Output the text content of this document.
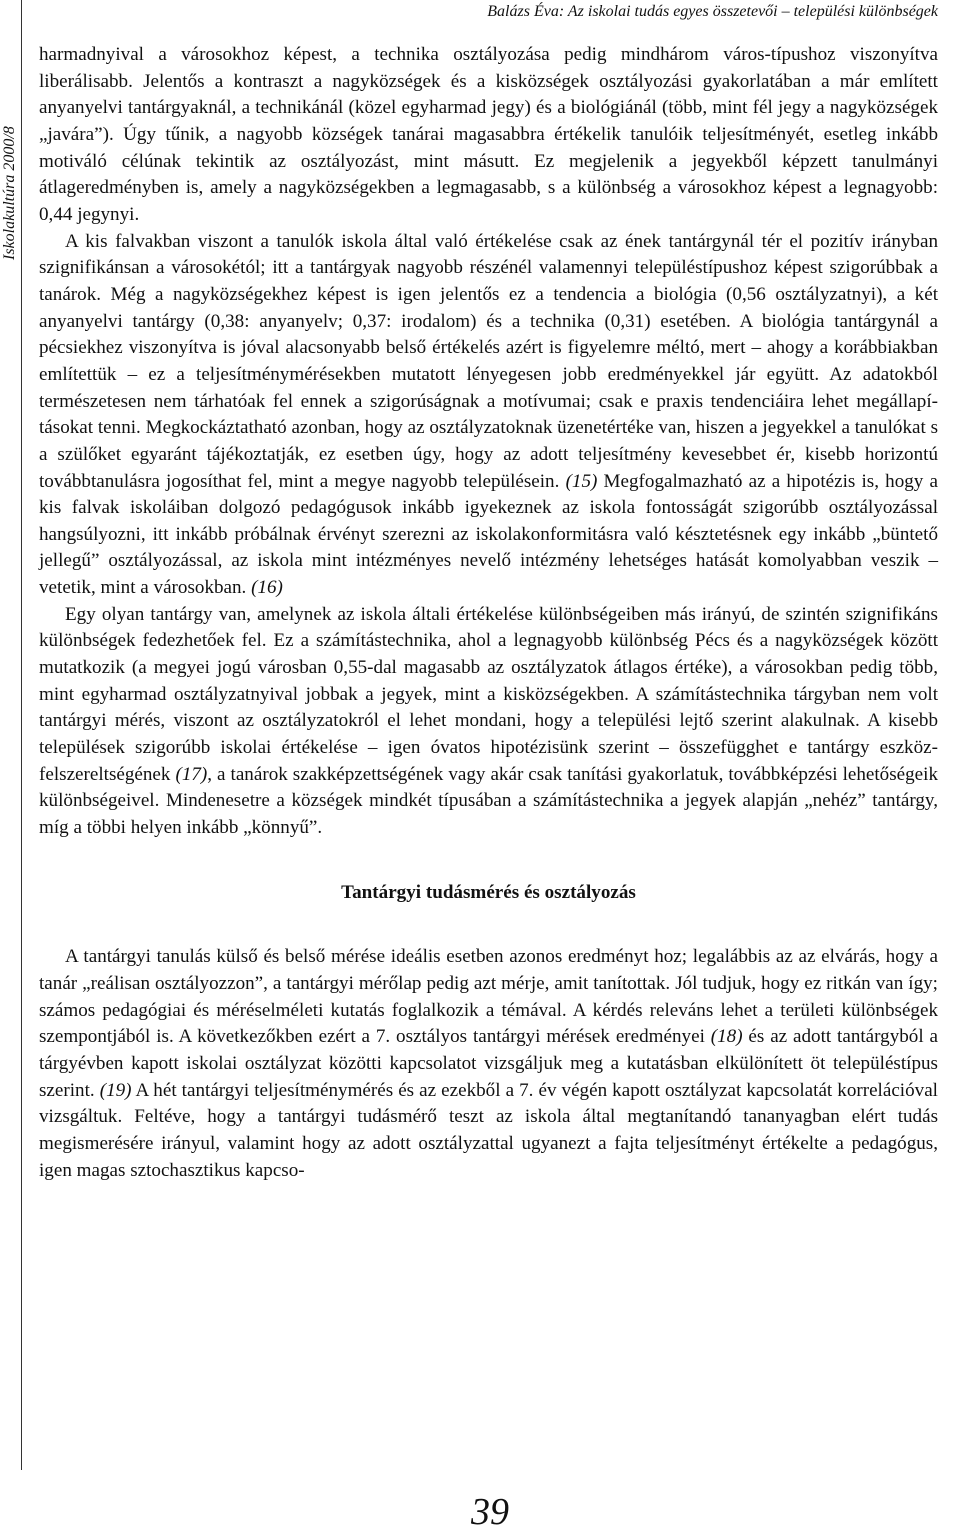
Iskolakultúra 2000/8
Balázs Éva: Az iskolai tudás egyes összetevői – települési különbségek

harmadnyival a városokhoz képest, a technika osztályozása pedig mindhárom város-típushoz viszonyítva liberálisabb. Jelentős a kontraszt a nagyközségek és a kisközségek osztályozási gyakorlatában a már említett anyanyelvi tantárgyaknál, a technikánál (közel egyharmad jegy) és a biológiánál (több, mint fél jegy a nagyközségek „javára”). Úgy tűnik, a nagyobb községek tanárai magasabbra értékelik tanulóik teljesítményét, esetleg inkább motiváló célúnak tekintik az osztályozást, mint másutt. Ez megjelenik a jegyekből képzett tanulmányi átlageredményben is, amely a nagyközségekben a legmagasabb, s a különbség a városokhoz képest a legnagyobb: 0,44 jegynyi.

A kis falvakban viszont a tanulók iskola által való értékelése csak az ének tantárgynál tér el pozitív irányban szignifikánsan a városokétól; itt a tantárgyak nagyobb részénél valamennyi településtípushoz képest szigorúbbak a tanárok. Még a nagyközségekhez képest is igen jelentős ez a tendencia a biológia (0,56 osztályzatnyi), a két anyanyelvi tantárgy (0,38: anyanyelv; 0,37: irodalom) és a technika (0,31) esetében. A biológia tantárgynál a pécsiekhez viszonyítva is jóval alacsonyabb belső értékelés azért is figyelemre méltó, mert – ahogy a korábbiakban említettük – ez a teljesítménymérésekben mutatott lényegesen jobb eredményekkel jár együtt. Az adatokból természetesen nem tárhatóak fel ennek a szigorúságnak a motívumai; csak e praxis tendenciáira lehet megállapításokat tenni. Megkockáztatható azonban, hogy az osztályzatoknak üzenetértéke van, hiszen a jegyekkel a tanulókat s a szülőket egyaránt tájékoztatják, ez esetben úgy, hogy az adott teljesítmény kevesebbet ér, kisebb horizontú továbbtanulásra jogosíthat fel, mint a megye nagyobb településein. (15) Megfogalmazható az a hipotézis is, hogy a kis falvak iskoláiban dolgozó pedagógusok inkább igyekeznek az iskola fontosságát szigorúbb osztályozással hangsúlyozni, itt inkább próbálnak érvényt szerezni az iskolakonformitásra való késztetésnek egy inkább „büntető jellegű” osztályozással, az iskola mint intézményes nevelő intézmény lehetséges hatását komolyabban veszik – vetetik, mint a városokban. (16)

Egy olyan tantárgy van, amelynek az iskola általi értékelése különbségeiben más irányú, de szintén szignifikáns különbségek fedezhetőek fel. Ez a számítástechnika, ahol a legnagyobb különbség Pécs és a nagyközségek között mutatkozik (a megyei jogú városban 0,55-dal magasabb az osztályzatok átlagos értéke), a városokban pedig több, mint egyharmad osztályzatnyival jobbak a jegyek, mint a kisközségekben. A számítástechnika tárgyban nem volt tantárgyi mérés, viszont az osztályzatokról el lehet mondani, hogy a települési lejtő szerint alakulnak. A kisebb települések szigorúbb iskolai értékelése – igen óvatos hipotézisünk szerint – összefügghet e tantárgy eszköz-felszereltségének (17), a tanárok szakképzettségének vagy akár csak tanítási gyakorlatuk, továbbképzési lehetőségeik különbségeivel. Mindenesetre a községek mindkét típusában a számítástechnika a jegyek alapján „nehéz” tantárgy, míg a többi helyen inkább „könnyű”.

Tantárgyi tudásmérés és osztályozás

A tantárgyi tanulás külső és belső mérése ideális esetben azonos eredményt hoz; legalábbis az az elvárás, hogy a tanár „reálisan osztályozzon”, a tantárgyi mérőlap pedig azt mérje, amit tanítottak. Jól tudjuk, hogy ez ritkán van így; számos pedagógiai és méréselméleti kutatás foglalkozik a témával. A kérdés releváns lehet a területi különbségek szempontjából is. A következőkben ezért a 7. osztályos tantárgyi mérések eredményei (18) és az adott tantárgyból a tárgyévben kapott iskolai osztályzat közötti kapcsolatot vizsgáljuk meg a kutatásban elkülönített öt településtípus szerint. (19) A hét tantárgyi teljesítménymérés és az ezekből a 7. év végén kapott osztályzat kapcsolatát korrelációval vizsgáltuk. Feltéve, hogy a tantárgyi tudásmérő teszt az iskola által megtanítandó tananyagban elért tudás megismerésére irányul, valamint hogy az adott osztályzattal ugyanezt a fajta teljesítményt értékelte a pedagógus, igen magas sztochasztikus kapcso-

39
